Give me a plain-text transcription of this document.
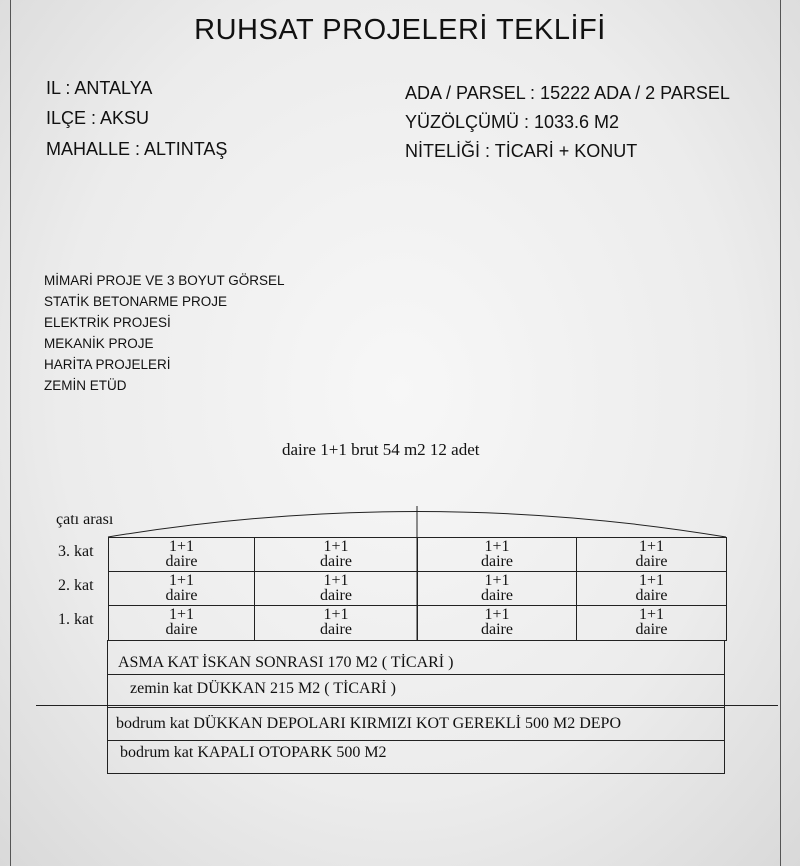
RUHSAT PROJELERİ TEKLİFİ
IL : ANTALYA
ILÇE : AKSU
MAHALLE : ALTINTAŞ
ADA / PARSEL : 15222 ADA / 2 PARSEL
YÜZÖLÇÜMÜ : 1033.6 M2
NİTELİĞİ : TİCARİ + KONUT
MİMARİ PROJE VE 3 BOYUT GÖRSEL
STATİK BETONARME PROJE
ELEKTRİK PROJESİ
MEKANİK PROJE
HARİTA PROJELERİ
ZEMİN ETÜD
daire 1+1 brut 54 m2 12 adet
çatı arası
3. kat
2. kat
1. kat
1+1
daire
1+1
daire
1+1
daire
1+1
daire
1+1
daire
1+1
daire
1+1
daire
1+1
daire
1+1
daire
1+1
daire
1+1
daire
1+1
daire
ASMA KAT İSKAN SONRASI 170 M2 ( TİCARİ )
zemin kat DÜKKAN 215 M2 ( TİCARİ )
bodrum kat DÜKKAN DEPOLARI KIRMIZI KOT GEREKLİ 500 M2 DEPO
bodrum kat KAPALI OTOPARK 500 M2
